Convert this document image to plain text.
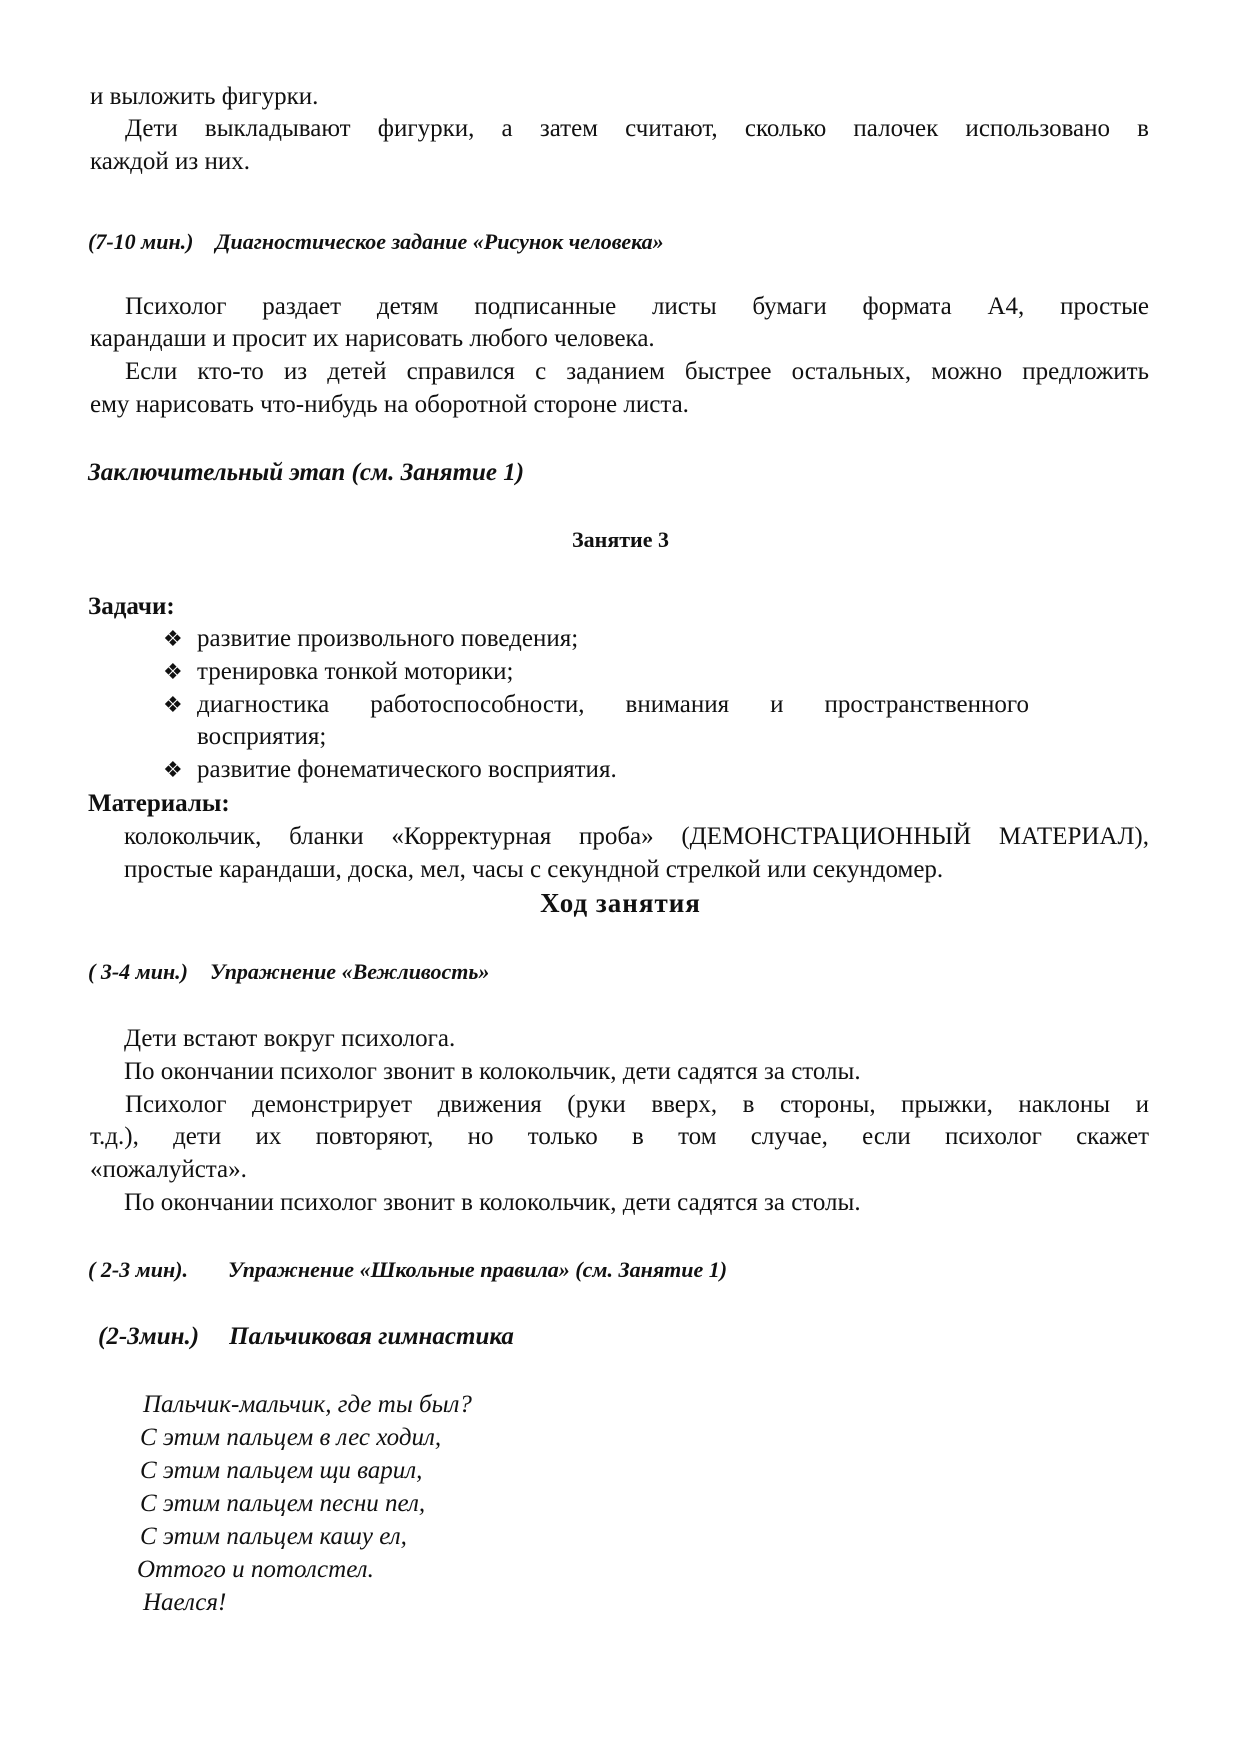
и выложить фигурки.
Дети выкладывают фигурки, а затем считают, сколько палочек использовано в
каждой из них.
(7-10 мин.) Диагностическое задание «Рисунок человека»
Психолог раздает детям подписанные листы бумаги формата А4, простые
карандаши и просит их нарисовать любого человека.
Если кто-то из детей справился с заданием быстрее остальных, можно предложить
ему нарисовать что-нибудь на оборотной стороне листа.
Заключительный этап (см. Занятие 1)
Занятие 3
Задачи:
❖ развитие произвольного поведения;
❖ тренировка тонкой моторики;
❖ диагностика работоспособности, внимания и пространственного
восприятия;
❖ развитие фонематического восприятия.
Материалы:
колокольчик, бланки «Корректурная проба» (ДЕМОНСТРАЦИОННЫЙ МАТЕРИАЛ),
простые карандаши, доска, мел, часы с секундной стрелкой или секундомер.
Ход занятия
( 3-4 мин.) Упражнение «Вежливость»
Дети встают вокруг психолога.
По окончании психолог звонит в колокольчик, дети садятся за столы.
Психолог демонстрирует движения (руки вверх, в стороны, прыжки, наклоны и
т.д.), дети их повторяют, но только в том случае, если психолог скажет
«пожалуйста».
По окончании психолог звонит в колокольчик, дети садятся за столы.
( 2-3 мин). Упражнение «Школьные правила» (см. Занятие 1)
(2-3мин.) Пальчиковая гимнастика
Пальчик-мальчик, где ты был?
С этим пальцем в лес ходил,
С этим пальцем щи варил,
С этим пальцем песни пел,
С этим пальцем кашу ел,
Оттого и потолстел.
Наелся!
